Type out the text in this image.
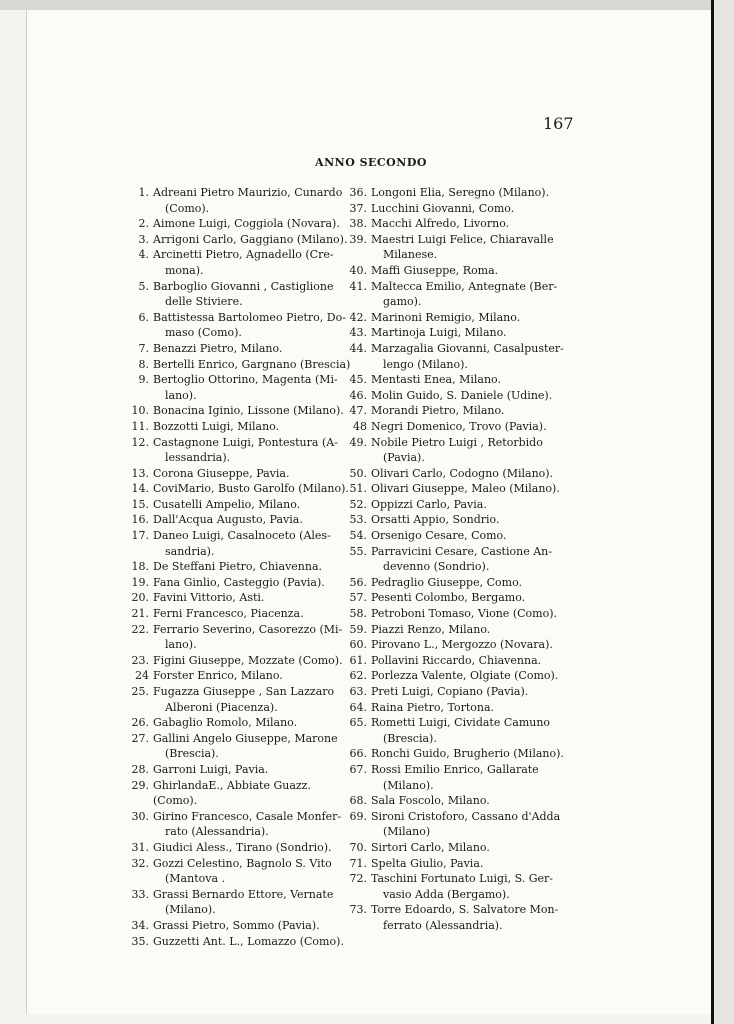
167
ANNO SECONDO
1. Adreani Pietro Maurizio, Cunardo
(Como).
2. Aimone Luigi, Coggiola (Novara).
3. Arrigoni Carlo, Gaggiano (Milano).
4. Arcinetti Pietro, Agnadello (Cre-
mona).
5. Barboglio Giovanni , Castiglione
delle Stiviere.
6. Battistessa Bartolomeo Pietro, Do-
maso (Como).
7. Benazzi Pietro, Milano.
8. Bertelli Enrico, Gargnano (Brescia)
9. Bertoglio Ottorino, Magenta (Mi-
lano).
10. Bonacina Iginio, Lissone (Milano).
11. Bozzotti Luigi, Milano.
12. Castagnone Luigi, Pontestura (A-
lessandria).
13. Corona Giuseppe, Pavia.
14. CoviMario, Busto Garolfo (Milano).
15. Cusatelli Ampelio, Milano.
16. Dall'Acqua Augusto, Pavia.
17. Daneo Luigi, Casalnoceto (Ales-
sandria).
18. De Steffani Pietro, Chiavenna.
19. Fana Ginlio, Casteggio (Pavia).
20. Favini Vittorio, Asti.
21. Ferni Francesco, Piacenza.
22. Ferrario Severino, Casorezzo (Mi-
lano).
23. Figini Giuseppe, Mozzate (Como).
24 Forster Enrico, Milano.
25. Fugazza Giuseppe , San Lazzaro
Alberoni (Piacenza).
26. Gabaglio Romolo, Milano.
27. Gallini Angelo Giuseppe, Marone
(Brescia).
28. Garroni Luigi, Pavia.
29. GhirlandaE., Abbiate Guazz. (Como).
30. Girino Francesco, Casale Monfer-
rato (Alessandria).
31. Giudici Aless., Tirano (Sondrio).
32. Gozzi Celestino, Bagnolo S. Vito
(Mantova .
33. Grassi Bernardo Ettore, Vernate
(Milano).
34. Grassi Pietro, Sommo (Pavia).
35. Guzzetti Ant. L., Lomazzo (Como).
36. Longoni Elia, Seregno (Milano).
37. Lucchini Giovanni, Como.
38. Macchi Alfredo, Livorno.
39. Maestri Luigi Felice, Chiaravalle
Milanese.
40. Maffi Giuseppe, Roma.
41. Maltecca Emilio, Antegnate (Ber-
gamo).
42. Marinoni Remigio, Milano.
43. Martinoja Luigi, Milano.
44. Marzagalia Giovanni, Casalpuster-
lengo (Milano).
45. Mentasti Enea, Milano.
46. Molin Guido, S. Daniele (Udine).
47. Morandi Pietro, Milano.
48 Negri Domenico, Trovo (Pavia).
49. Nobile Pietro Luigi , Retorbido
(Pavia).
50. Olivari Carlo, Codogno (Milano).
51. Olivari Giuseppe, Maleo (Milano).
52. Oppizzi Carlo, Pavia.
53. Orsatti Appio, Sondrio.
54. Orsenigo Cesare, Como.
55. Parravicini Cesare, Castione An-
devenno (Sondrio).
56. Pedraglio Giuseppe, Como.
57. Pesenti Colombo, Bergamo.
58. Petroboni Tomaso, Vione (Como).
59. Piazzi Renzo, Milano.
60. Pirovano L., Mergozzo (Novara).
61. Pollavini Riccardo, Chiavenna.
62. Porlezza Valente, Olgiate (Como).
63. Preti Luigi, Copiano (Pavia).
64. Raina Pietro, Tortona.
65. Rometti Luigi, Cividate Camuno
(Brescia).
66. Ronchi Guido, Brugherio (Milano).
67. Rossi Emilio Enrico, Gallarate
(Milano).
68. Sala Foscolo, Milano.
69. Sironi Cristoforo, Cassano d'Adda
(Milano)
70. Sirtori Carlo, Milano.
71. Spelta Giulio, Pavia.
72. Taschini Fortunato Luigi, S. Ger-
vasio Adda (Bergamo).
73. Torre Edoardo, S. Salvatore Mon-
ferrato (Alessandria).
